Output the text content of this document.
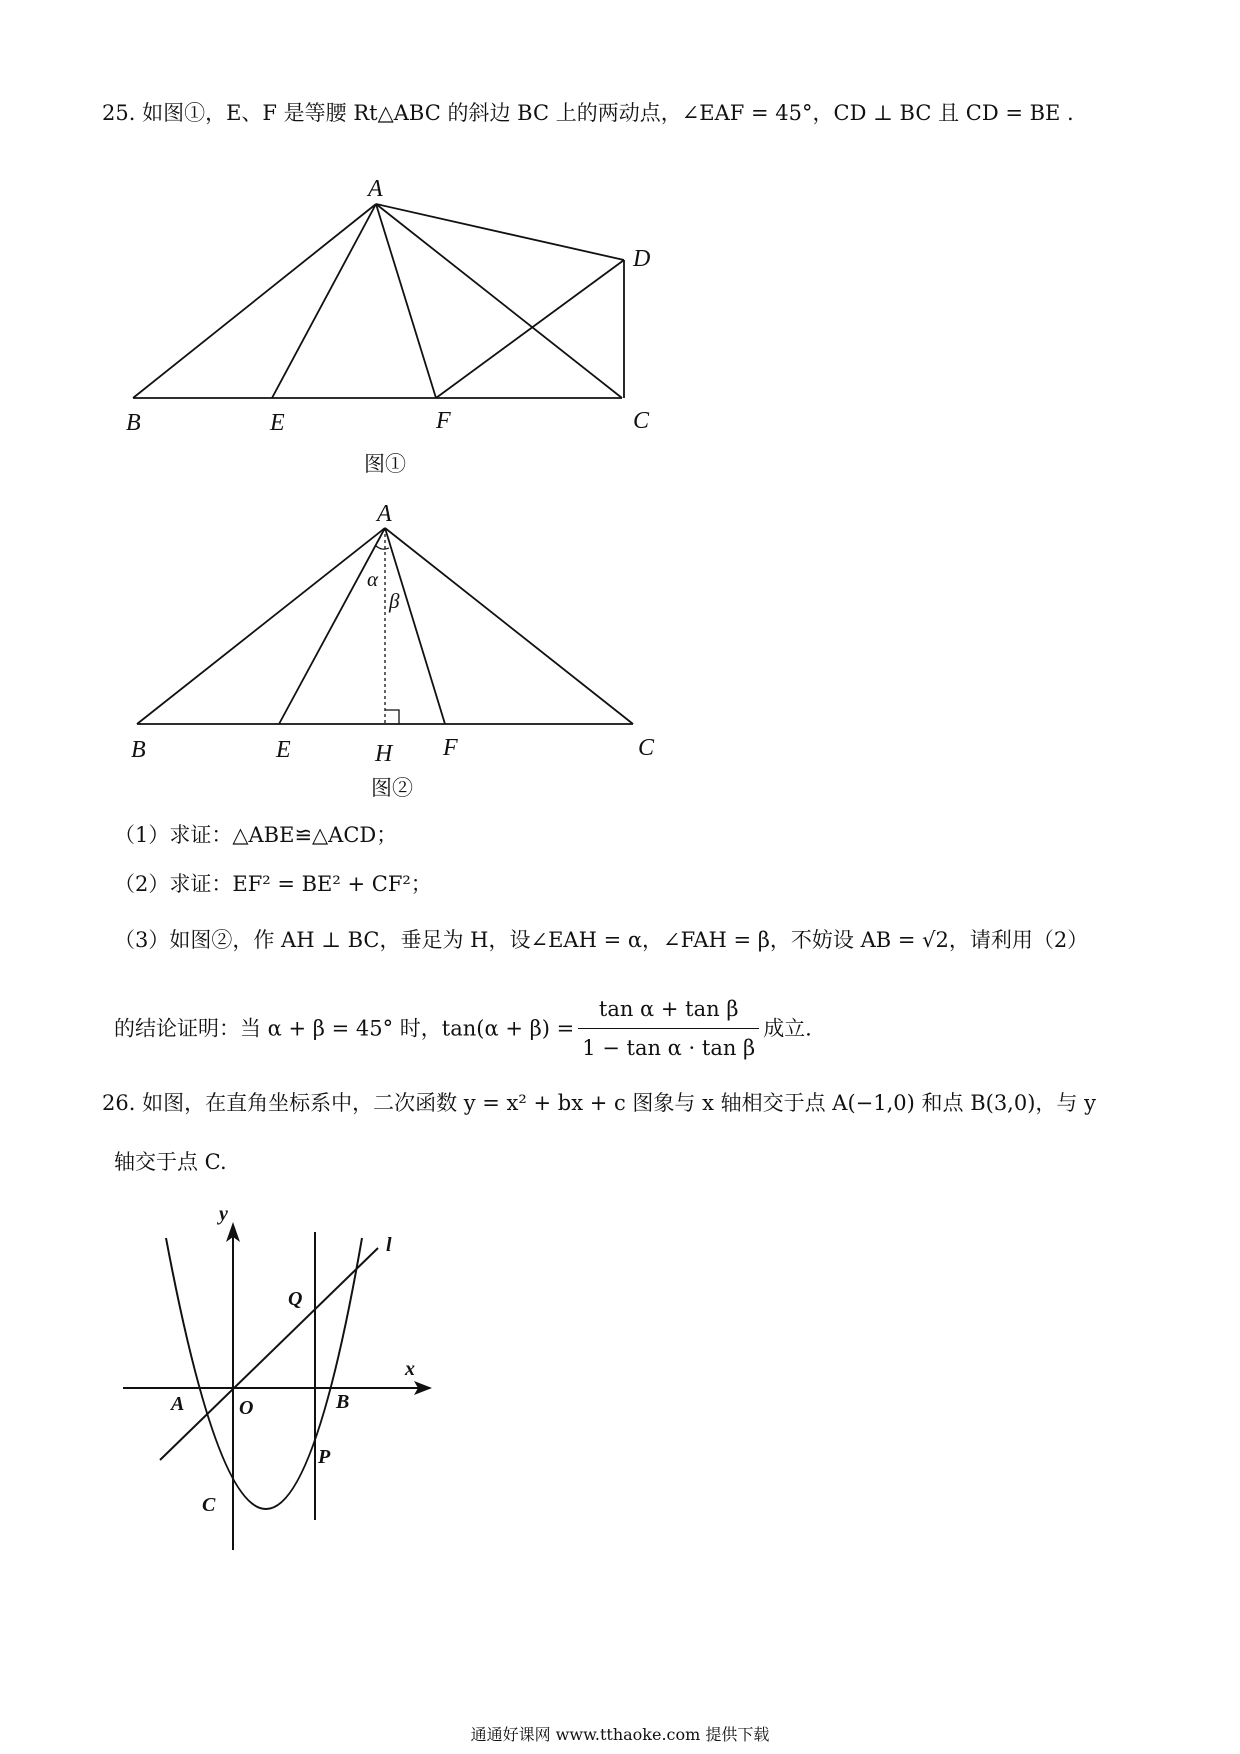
25. 如图①，E、F 是等腰 Rt△ABC 的斜边 BC 上的两动点，∠EAF = 45°，CD ⊥ BC 且 CD = BE .
A
D
B	E	F	C
图①
A
α
β
B	E	H F	C
图②
（1）求证：△ABE≌△ACD；
（2）求证：EF² = BE² + CF²；
（3）如图②，作 AH ⊥ BC，垂足为 H，设∠EAH = α，∠FAH = β，不妨设 AB = √2，请利用（2）
的结论证明：当 α + β = 45° 时，$\tan(\alpha + \beta) = \frac{\text{tan α + tan β}}{\text{1 − tan α · tan β}}$ 成立.
26. 如图，在直角坐标系中，二次函数 y = x² + bx + c 图象与 x 轴相交于点 A(−1,0) 和点 B(3,0)，与 y
轴交于点 C.
y
x
l
Q
A	O	B
P
C
通通好课网 www.tthaoke.com 提供下载
